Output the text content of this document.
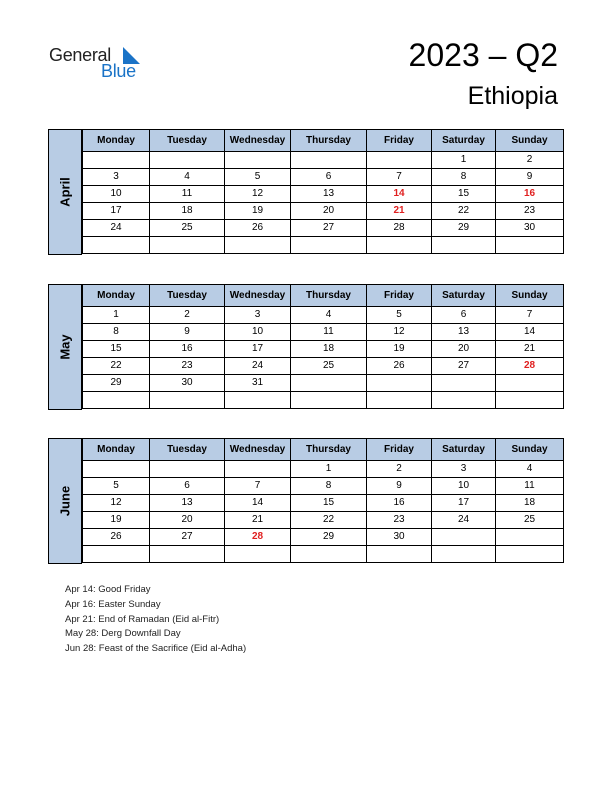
General
Blue	2023 – Q2
Ethiopia
April
Monday	Tuesday	Wednesday	Thursday	Friday	Saturday	Sunday
					1	2
3	4	5	6	7	8	9
10	11	12	13	14	15	16
17	18	19	20	21	22	23
24	25	26	27	28	29	30

May
Monday	Tuesday	Wednesday	Thursday	Friday	Saturday	Sunday
1	2	3	4	5	6	7
8	9	10	11	12	13	14
15	16	17	18	19	20	21
22	23	24	25	26	27	28
29	30	31				

June
Monday	Tuesday	Wednesday	Thursday	Friday	Saturday	Sunday
			1	2	3	4
5	6	7	8	9	10	11
12	13	14	15	16	17	18
19	20	21	22	23	24	25
26	27	28	29	30		

Apr 14: Good Friday
Apr 16: Easter Sunday
Apr 21: End of Ramadan (Eid al-Fitr)
May 28: Derg Downfall Day
Jun 28: Feast of the Sacrifice (Eid al-Adha)
